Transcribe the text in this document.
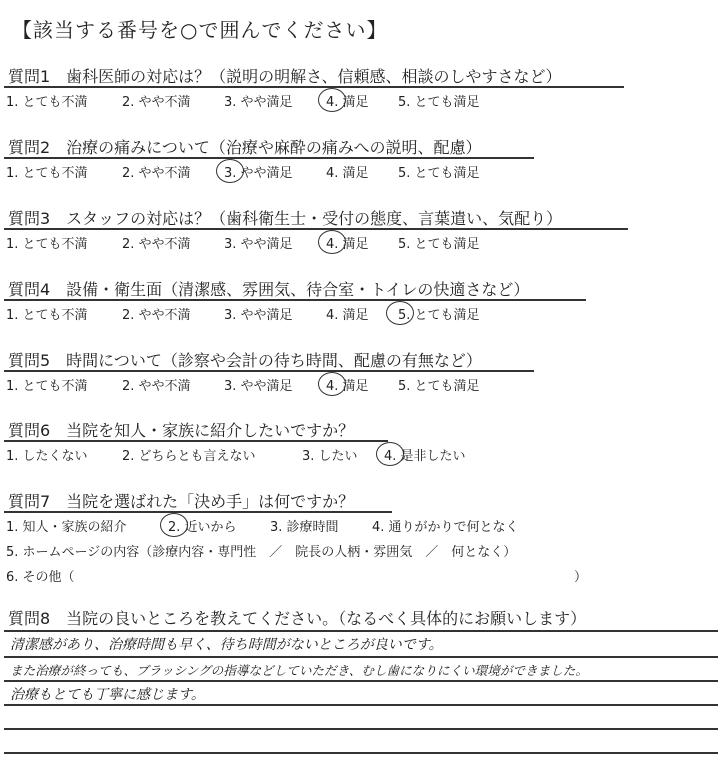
【該当する番号を○で囲んでください】
質問1　歯科医師の対応は？（説明の明解さ、信頼感、相談のしやすさなど）
1. とても不満	2. やや不満	3. やや満足	4. 満足 5. とても満足
質問2　治療の痛みについて（治療や麻酔の痛みへの説明、配慮）
1. とても不満	2. やや不満	3. やや満足	4. 満足 5. とても満足
質問3　スタッフの対応は？（歯科衛生士・受付の態度、言葉遣い、気配り）
1. とても不満	2. やや不満	3. やや満足	4. 満足 5. とても満足
質問4　設備・衛生面（清潔感、雰囲気、待合室・トイレの快適さなど）
1. とても不満	2. やや不満	3. やや満足	4. 満足 5. とても満足
質問5　時間について（診察や会計の待ち時間、配慮の有無など）
1. とても不満	2. やや不満	3. やや満足	4. 満足 5. とても満足
質問6　当院を知人・家族に紹介したいですか？
1. したくない	2. どちらとも言えない	3. したい 4. 是非したい
質問7　当院を選ばれた「決め手」は何ですか？
1. 知人・家族の紹介	2. 近いから	3. 診療時間	4. 通りがかりで何となく
5. ホームページの内容（診療内容・専門性　／　院長の人柄・雰囲気　／　何となく）
6. その他（	）
質問8　当院の良いところを教えてください。（なるべく具体的にお願いします）
清潔感があり、治療時間も早く、待ち時間がないところが良いです。
また治療が終っても、ブラッシングの指導などしていただき、むし歯になりにくい環境ができました。
治療もとても丁寧に感じます。
